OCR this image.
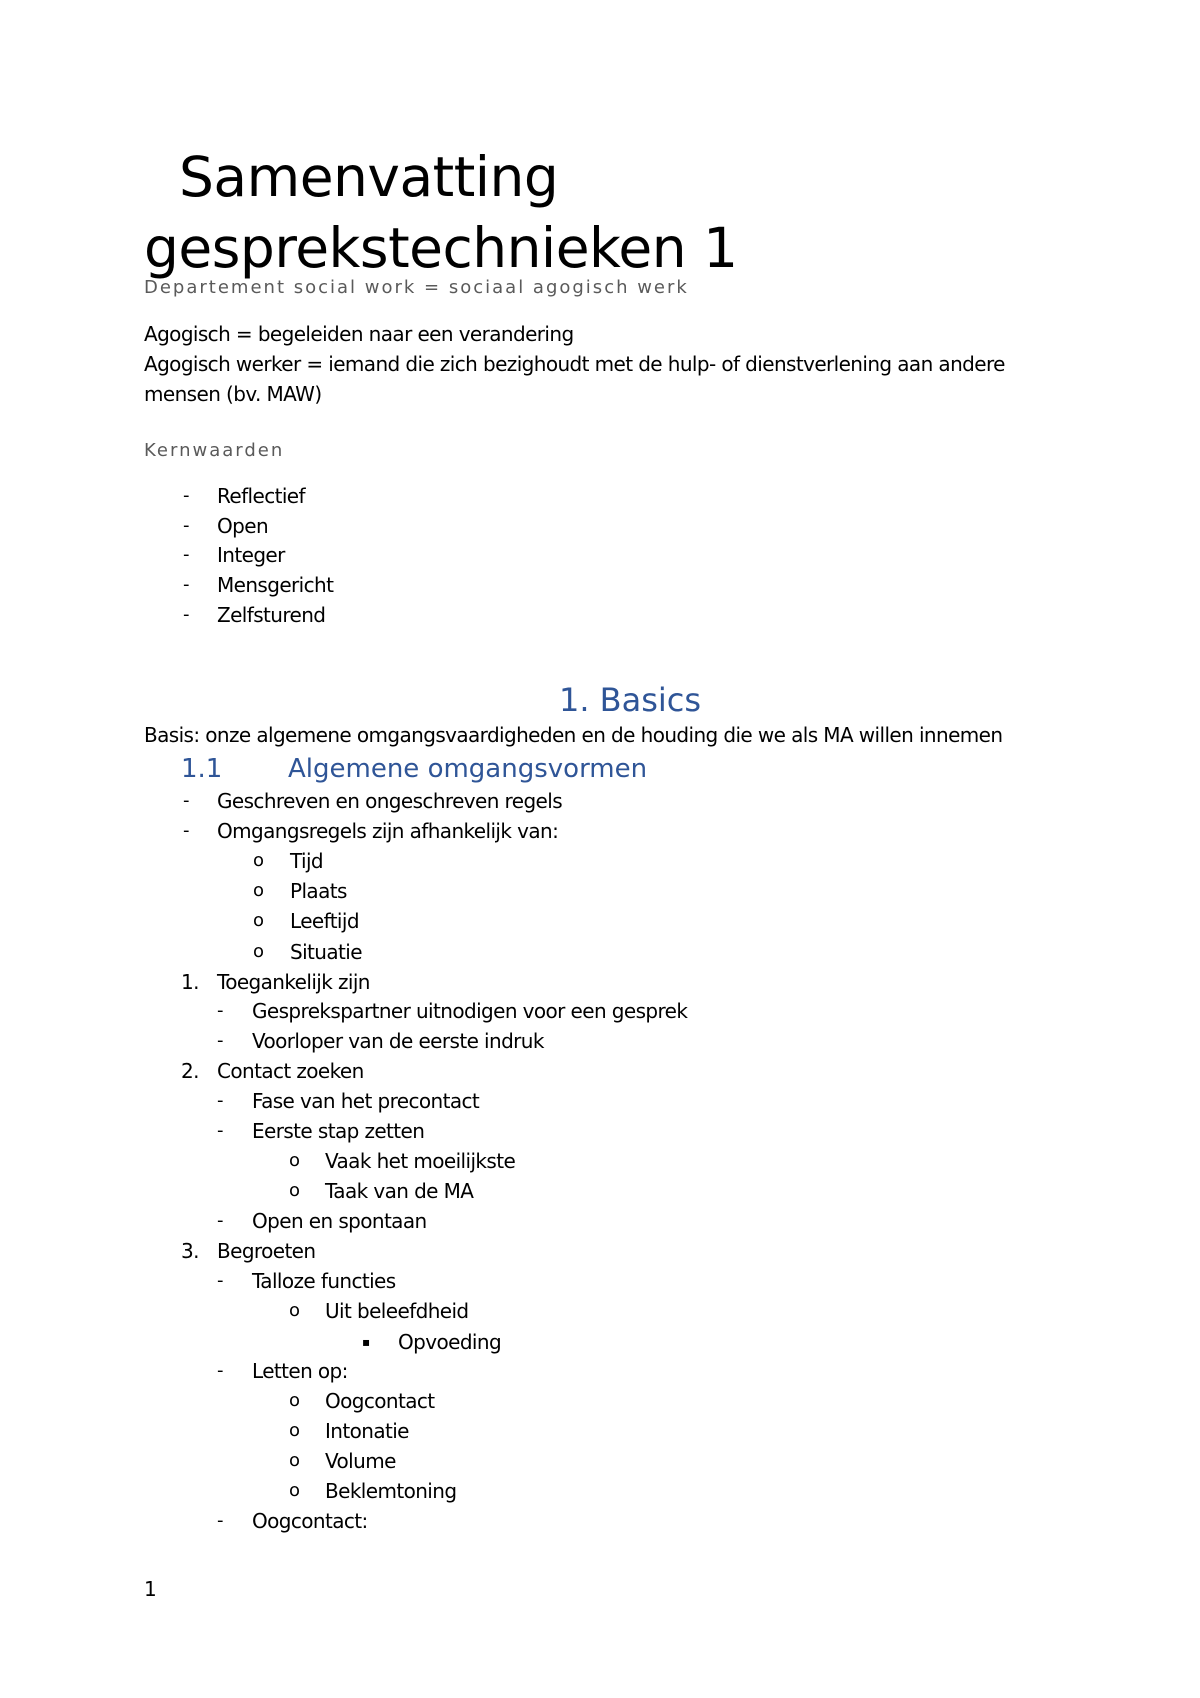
Samenvatting
gesprekstechnieken 1

Departement social work = sociaal agogisch werk

Agogisch = begeleiden naar een verandering

Agogisch werker = iemand die zich bezighoudt met de hulp- of dienstverlening aan andere mensen (bv. MAW)

Kernwaarden

- Reflectief
- Open
- Integer
- Mensgericht
- Zelfsturend
1. Basics

Basis: onze algemene omgangsvaardigheden en de houding die we als MA willen innemen

1.1	Algemene omgangsvormen
- Geschreven en ongeschreven regels
- Omgangsregels zijn afhankelijk van:
o Tijd
o Plaats
o Leeftijd
o Situatie
1. Toegankelijk zijn
- Gesprekspartner uitnodigen voor een gesprek
- Voorloper van de eerste indruk
2. Contact zoeken
- Fase van het precontact
- Eerste stap zetten
o Vaak het moeilijkste
o Taak van de MA
- Open en spontaan
3. Begroeten
- Talloze functies
o Uit beleefdheid
▪ Opvoeding
- Letten op:
o Oogcontact
o Intonatie
o Volume
o Beklemtoning
- Oogcontact:

1
